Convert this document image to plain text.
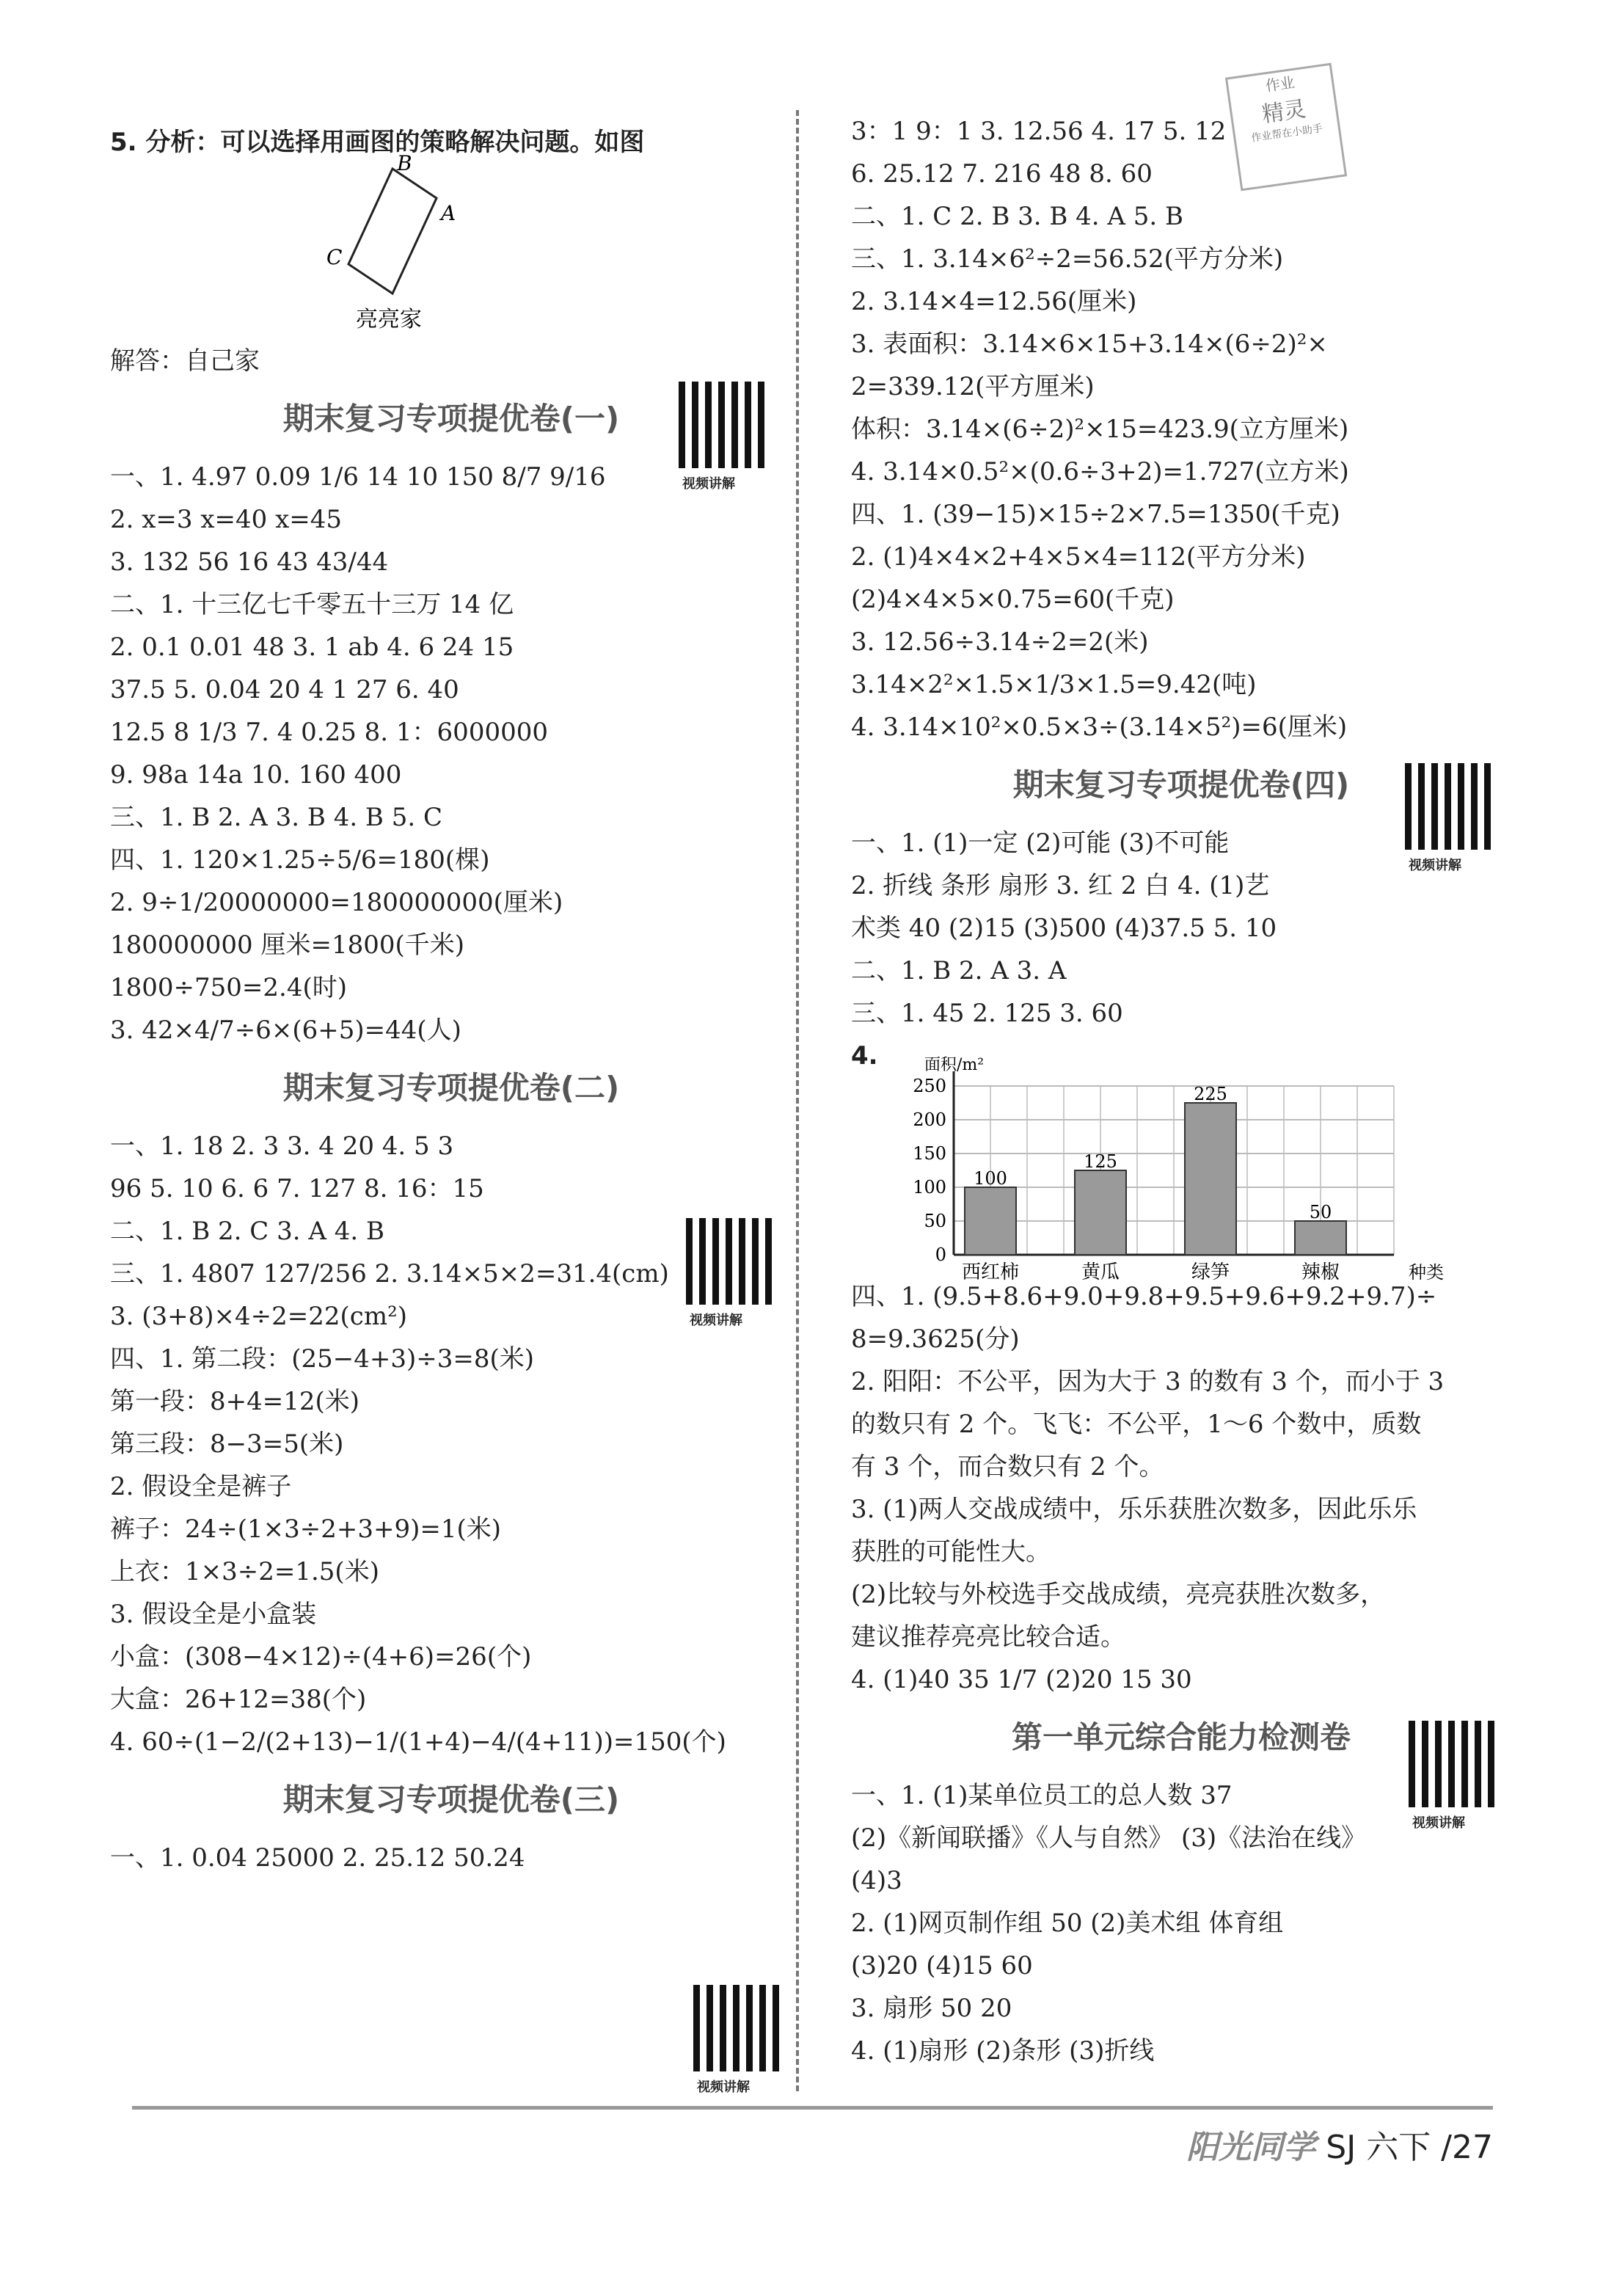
作业
精灵
作业帮在小助手
5. 分析：可以选择用画图的策略解决问题。如图
解答：自己家
期末复习专项提优卷(一)
一、1. 4.97 0.09 1/6 14 10 150 8/7 9/16
2. x=3 x=40 x=45
3. 132 56 16 43 43/44
二、1. 十三亿七千零五十三万 14 亿
2. 0.1 0.01 48 3. 1 ab 4. 6 24 15
37.5 5. 0.04 20 4 1 27 6. 40
12.5 8 1/3 7. 4 0.25 8. 1：6000000
9. 98a 14a 10. 160 400
三、1. B 2. A 3. B 4. B 5. C
四、1. 120×1.25÷5/6=180(棵)
2. 9÷1/20000000=180000000(厘米)
180000000 厘米=1800(千米)
1800÷750=2.4(时)
3. 42×4/7÷6×(6+5)=44(人)
期末复习专项提优卷(二)
一、1. 18 2. 3 3. 4 20 4. 5 3
96 5. 10 6. 6 7. 127 8. 16：15
二、1. B 2. C 3. A 4. B
三、1. 4807 127/256 2. 3.14×5×2=31.4(cm)
3. (3+8)×4÷2=22(cm²)
四、1. 第二段：(25−4+3)÷3=8(米)
第一段：8+4=12(米)
第三段：8−3=5(米)
2. 假设全是裤子
裤子：24÷(1×3÷2+3+9)=1(米)
上衣：1×3÷2=1.5(米)
3. 假设全是小盒装
小盒：(308−4×12)÷(4+6)=26(个)
大盒：26+12=38(个)
4. 60÷(1−2/(2+13)−1/(1+4)−4/(4+11))=150(个)
期末复习专项提优卷(三)
一、1. 0.04 25000 2. 25.12 50.24
B
A
C
亮亮家
3：1 9：1 3. 12.56 4. 17 5. 12
6. 25.12 7. 216 48 8. 60
二、1. C 2. B 3. B 4. A 5. B
三、1. 3.14×6²÷2=56.52(平方分米)
2. 3.14×4=12.56(厘米)
3. 表面积：3.14×6×15+3.14×(6÷2)²×
2=339.12(平方厘米)
体积：3.14×(6÷2)²×15=423.9(立方厘米)
4. 3.14×0.5²×(0.6÷3+2)=1.727(立方米)
四、1. (39−15)×15÷2×7.5=1350(千克)
2. (1)4×4×2+4×5×4=112(平方分米)
(2)4×4×5×0.75=60(千克)
3. 12.56÷3.14÷2=2(米)
3.14×2²×1.5×1/3×1.5=9.42(吨)
4. 3.14×10²×0.5×3÷(3.14×5²)=6(厘米)
期末复习专项提优卷(四)
一、1. (1)一定 (2)可能 (3)不可能
2. 折线 条形 扇形 3. 红 2 白 4. (1)艺
术类 40 (2)15 (3)500 (4)37.5 5. 10
二、1. B 2. A 3. A
三、1. 45 2. 125 3. 60
4.
四、1. (9.5+8.6+9.0+9.8+9.5+9.6+9.2+9.7)÷
8=9.3625(分)
2. 阳阳：不公平，因为大于 3 的数有 3 个，而小于 3
的数只有 2 个。飞飞：不公平，1～6 个数中，质数
有 3 个，而合数只有 2 个。
3. (1)两人交战成绩中，乐乐获胜次数多，因此乐乐
获胜的可能性大。
(2)比较与外校选手交战成绩，亮亮获胜次数多，
建议推荐亮亮比较合适。
4. (1)40 35 1/7 (2)20 15 30
第一单元综合能力检测卷
一、1. (1)某单位员工的总人数 37
(2)《新闻联播》《人与自然》 (3)《法治在线》
(4)3
2. (1)网页制作组 50 (2)美术组 体育组
(3)20 (4)15 60
3. 扇形 50 20
4. (1)扇形 (2)条形 (3)折线
0
50
100
150
200
250
面积/m²
种类
100
西红柿
125
黄瓜
225
绿笋
50
辣椒
视频讲解
视频讲解
视频讲解
视频讲解
视频讲解
阳光同学 SJ 六下 /27
